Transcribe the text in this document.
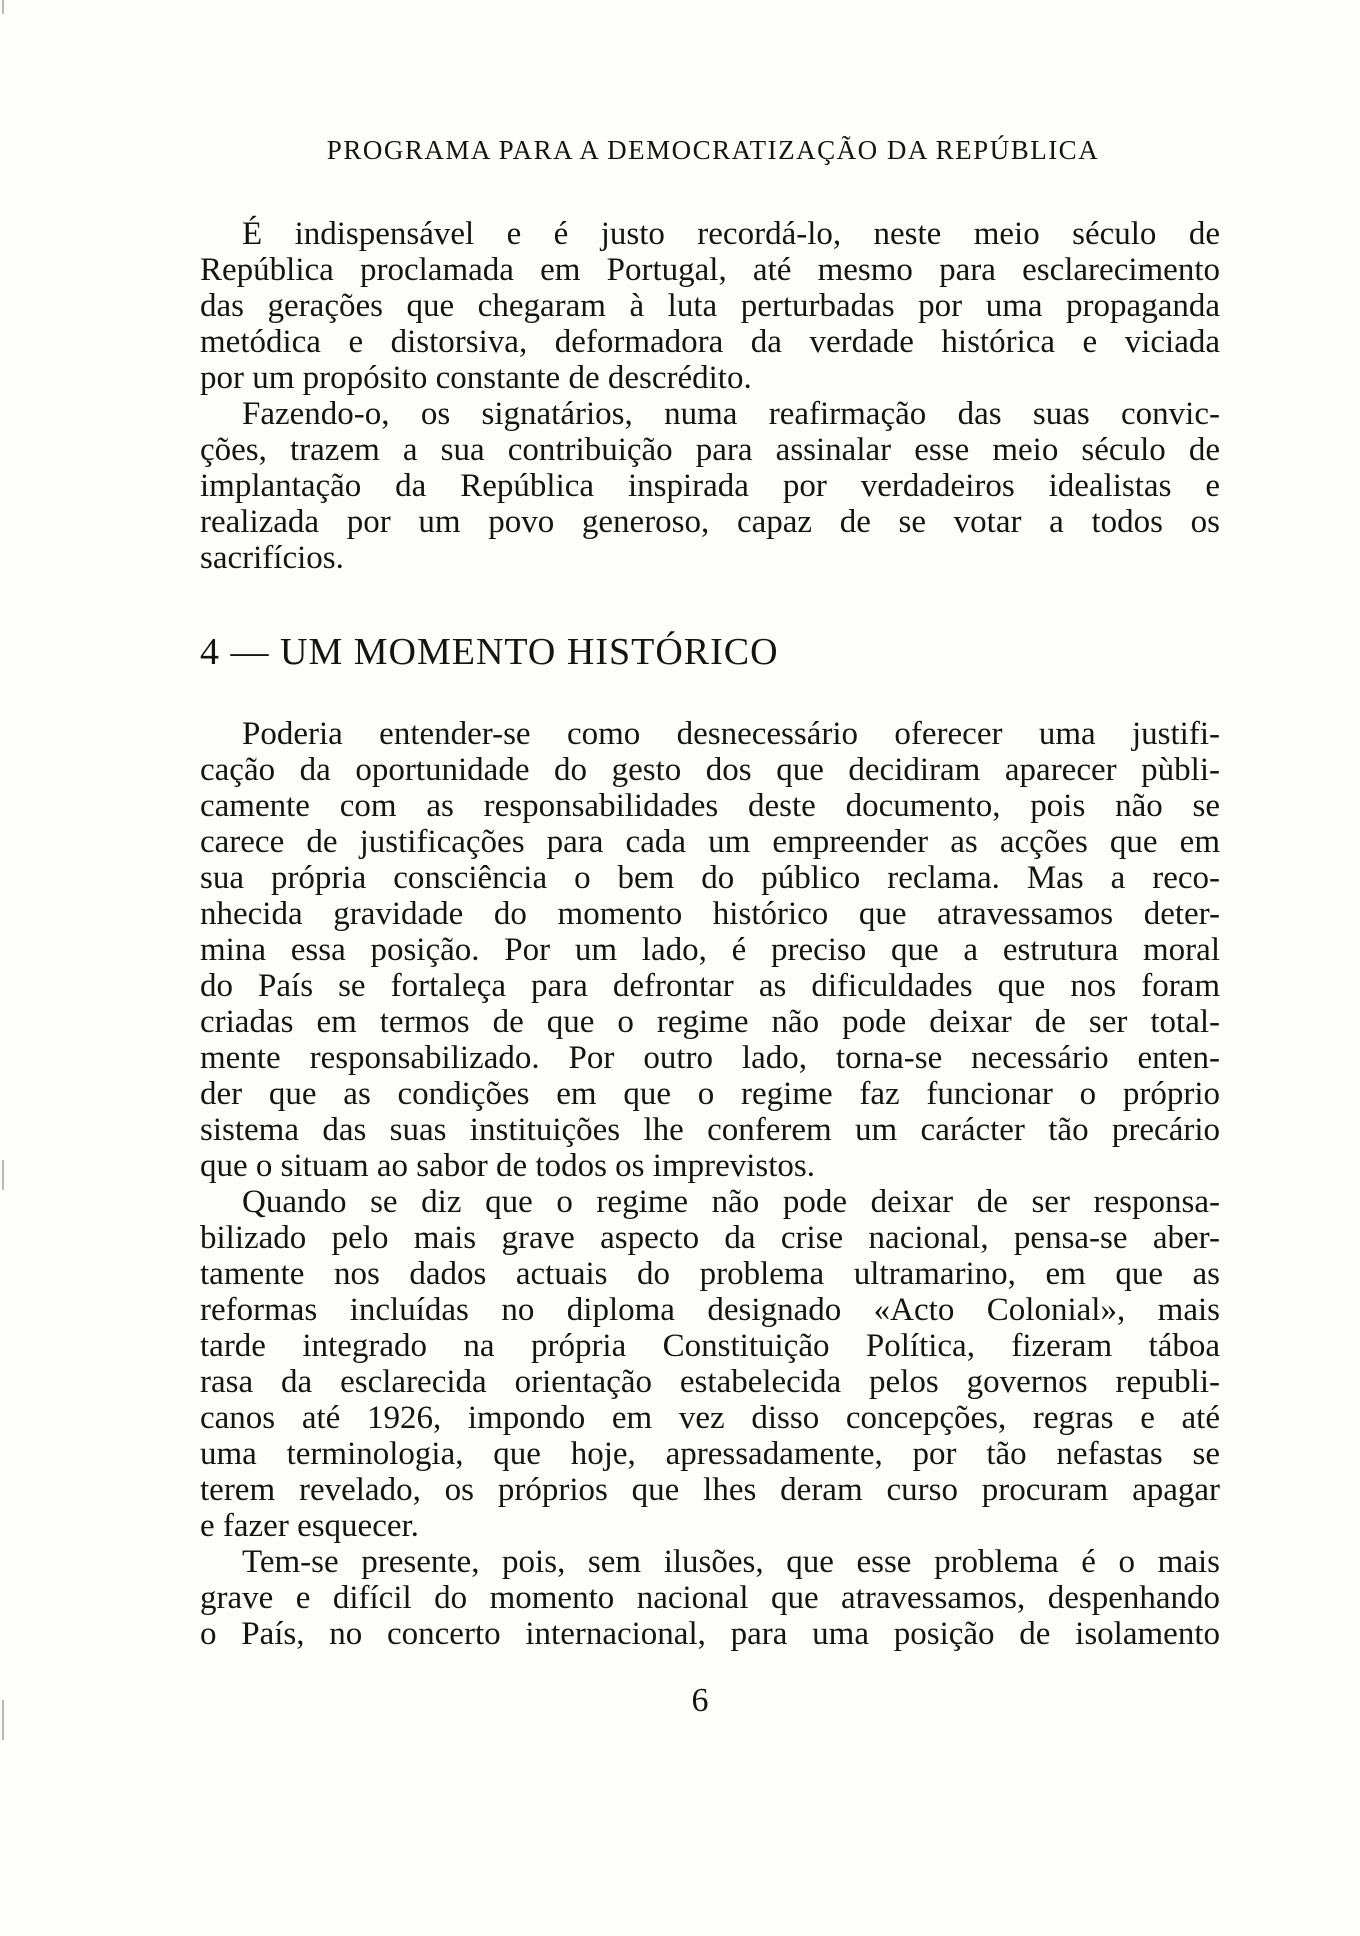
PROGRAMA PARA A DEMOCRATIZAÇÃO DA REPÚBLICA
É indispensável e é justo recordá-lo, neste meio século de
República proclamada em Portugal, até mesmo para esclarecimento
das gerações que chegaram à luta perturbadas por uma propaganda
metódica e distorsiva, deformadora da verdade histórica e viciada
por um propósito constante de descrédito.
Fazendo-o, os signatários, numa reafirmação das suas convic-
ções, trazem a sua contribuição para assinalar esse meio século de
implantação da República inspirada por verdadeiros idealistas e
realizada por um povo generoso, capaz de se votar a todos os
sacrifícios.
4 — UM MOMENTO HISTÓRICO
Poderia entender-se como desnecessário oferecer uma justifi-
cação da oportunidade do gesto dos que decidiram aparecer pùbli-
camente com as responsabilidades deste documento, pois não se
carece de justificações para cada um empreender as acções que em
sua própria consciência o bem do público reclama. Mas a reco-
nhecida gravidade do momento histórico que atravessamos deter-
mina essa posição. Por um lado, é preciso que a estrutura moral
do País se fortaleça para defrontar as dificuldades que nos foram
criadas em termos de que o regime não pode deixar de ser total-
mente responsabilizado. Por outro lado, torna-se necessário enten-
der que as condições em que o regime faz funcionar o próprio
sistema das suas instituições lhe conferem um carácter tão precário
que o situam ao sabor de todos os imprevistos.
Quando se diz que o regime não pode deixar de ser responsa-
bilizado pelo mais grave aspecto da crise nacional, pensa-se aber-
tamente nos dados actuais do problema ultramarino, em que as
reformas incluídas no diploma designado «Acto Colonial», mais
tarde integrado na própria Constituição Política, fizeram táboa
rasa da esclarecida orientação estabelecida pelos governos republi-
canos até 1926, impondo em vez disso concepções, regras e até
uma terminologia, que hoje, apressadamente, por tão nefastas se
terem revelado, os próprios que lhes deram curso procuram apagar
e fazer esquecer.
Tem-se presente, pois, sem ilusões, que esse problema é o mais
grave e difícil do momento nacional que atravessamos, despenhando
o País, no concerto internacional, para uma posição de isolamento
6
